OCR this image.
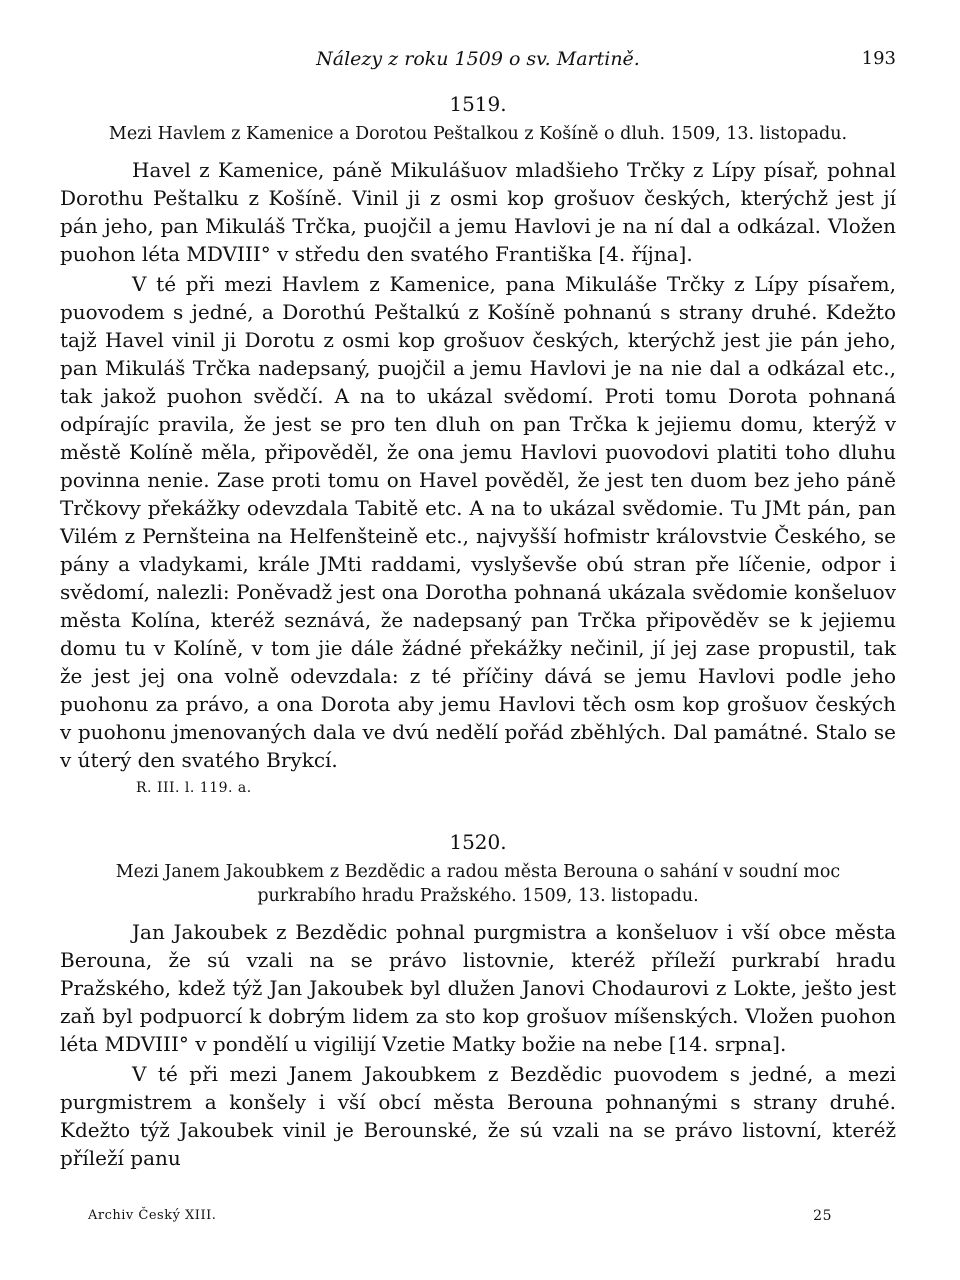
Nálezy z roku 1509 o sv. Martině.	193
1519.
Mezi Havlem z Kamenice a Dorotou Peštalkou z Košíně o dluh. 1509, 13. listopadu.

Havel z Kamenice, páně Mikulášuov mladšieho Trčky z Lípy písař, pohnal Dorothu Peštalku z Košíně. Vinil ji z osmi kop grošuov českých, kterýchž jest jí pán jeho, pan Mikuláš Trčka, puojčil a jemu Havlovi je na ní dal a odkázal. Vložen puohon léta MDVIII° v středu den svatého Františka [4. října].

V té při mezi Havlem z Kamenice, pana Mikuláše Trčky z Lípy písařem, puovodem s jedné, a Dorothú Peštalkú z Košíně pohnanú s strany druhé. Kdežto tajž Havel vinil ji Dorotu z osmi kop grošuov českých, kterýchž jest jie pán jeho, pan Mikuláš Trčka nadepsaný, puojčil a jemu Havlovi je na nie dal a odkázal etc., tak jakož puohon svědčí. A na to ukázal svědomí. Proti tomu Dorota pohnaná odpírajíc pravila, že jest se pro ten dluh on pan Trčka k jejiemu domu, kterýž v městě Kolíně měla, připověděl, že ona jemu Havlovi puovodovi platiti toho dluhu povinna nenie. Zase proti tomu on Havel pověděl, že jest ten duom bez jeho páně Trčkovy překážky odevzdala Tabitě etc. A na to ukázal svědomie. Tu JMt pán, pan Vilém z Pernšteina na Helfenšteině etc., najvyšší hofmistr královstvie Českého, se pány a vladykami, krále JMti raddami, vyslyševše obú stran pře líčenie, odpor i svědomí, nalezli: Poněvadž jest ona Dorotha pohnaná ukázala svědomie konšeluov města Kolína, kteréž seznává, že nadepsaný pan Trčka připověděv se k jejiemu domu tu v Kolíně, v tom jie dále žádné překážky nečinil, jí jej zase propustil, tak že jest jej ona volně odevzdala: z té příčiny dává se jemu Havlovi podle jeho puohonu za právo, a ona Dorota aby jemu Havlovi těch osm kop grošuov českých v puohonu jmenovaných dala ve dvú nedělí pořád zběhlých. Dal památné. Stalo se v úterý den svatého Brykcí.

R. III. l. 119. a.
1520.
Mezi Janem Jakoubkem z Bezdědic a radou města Berouna o sahání v soudní moc purkrabího hradu Pražského. 1509, 13. listopadu.

Jan Jakoubek z Bezdědic pohnal purgmistra a konšeluov i vší obce města Berouna, že sú vzali na se právo listovnie, kteréž příleží purkrabí hradu Pražského, kdež týž Jan Jakoubek byl dlužen Janovi Chodaurovi z Lokte, ješto jest zaň byl podpuorcí k dobrým lidem za sto kop grošuov míšenských. Vložen puohon léta MDVIII° v pondělí u vigilijí Vzetie Matky božie na nebe [14. srpna].

V té při mezi Janem Jakoubkem z Bezdědic puovodem s jedné, a mezi purgmistrem a konšely i vší obcí města Berouna pohnanými s strany druhé. Kdežto týž Jakoubek vinil je Berounské, že sú vzali na se právo listovní, kteréž příleží panu

Archiv Český XIII.	25
